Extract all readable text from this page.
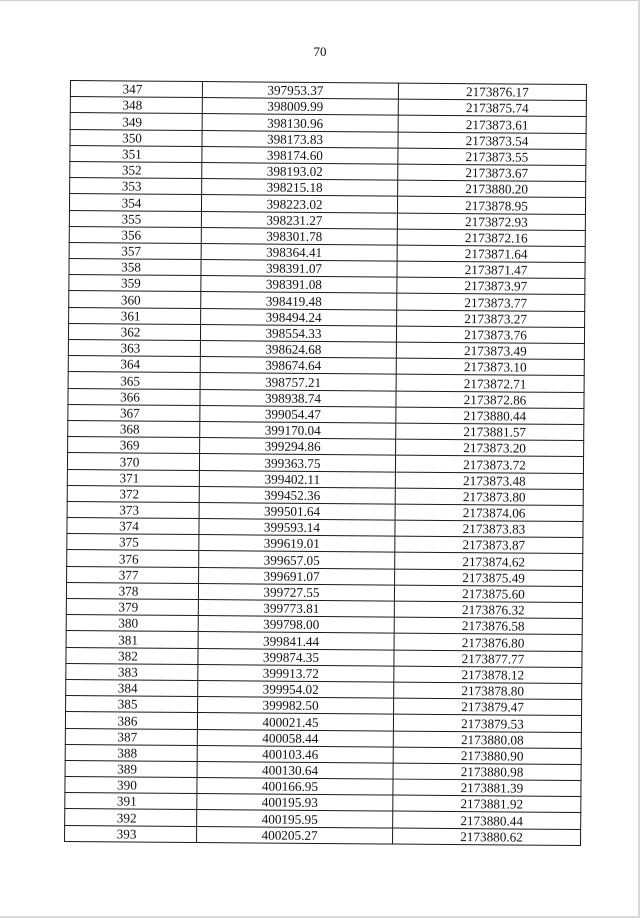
70
347	397953.37	2173876.17
348	398009.99	2173875.74
349	398130.96	2173873.61
350	398173.83	2173873.54
351	398174.60	2173873.55
352	398193.02	2173873.67
353	398215.18	2173880.20
354	398223.02	2173878.95
355	398231.27	2173872.93
356	398301.78	2173872.16
357	398364.41	2173871.64
358	398391.07	2173871.47
359	398391.08	2173873.97
360	398419.48	2173873.77
361	398494.24	2173873.27
362	398554.33	2173873.76
363	398624.68	2173873.49
364	398674.64	2173873.10
365	398757.21	2173872.71
366	398938.74	2173872.86
367	399054.47	2173880.44
368	399170.04	2173881.57
369	399294.86	2173873.20
370	399363.75	2173873.72
371	399402.11	2173873.48
372	399452.36	2173873.80
373	399501.64	2173874.06
374	399593.14	2173873.83
375	399619.01	2173873.87
376	399657.05	2173874.62
377	399691.07	2173875.49
378	399727.55	2173875.60
379	399773.81	2173876.32
380	399798.00	2173876.58
381	399841.44	2173876.80
382	399874.35	2173877.77
383	399913.72	2173878.12
384	399954.02	2173878.80
385	399982.50	2173879.47
386	400021.45	2173879.53
387	400058.44	2173880.08
388	400103.46	2173880.90
389	400130.64	2173880.98
390	400166.95	2173881.39
391	400195.93	2173881.92
392	400195.95	2173880.44
393	400205.27	2173880.62
